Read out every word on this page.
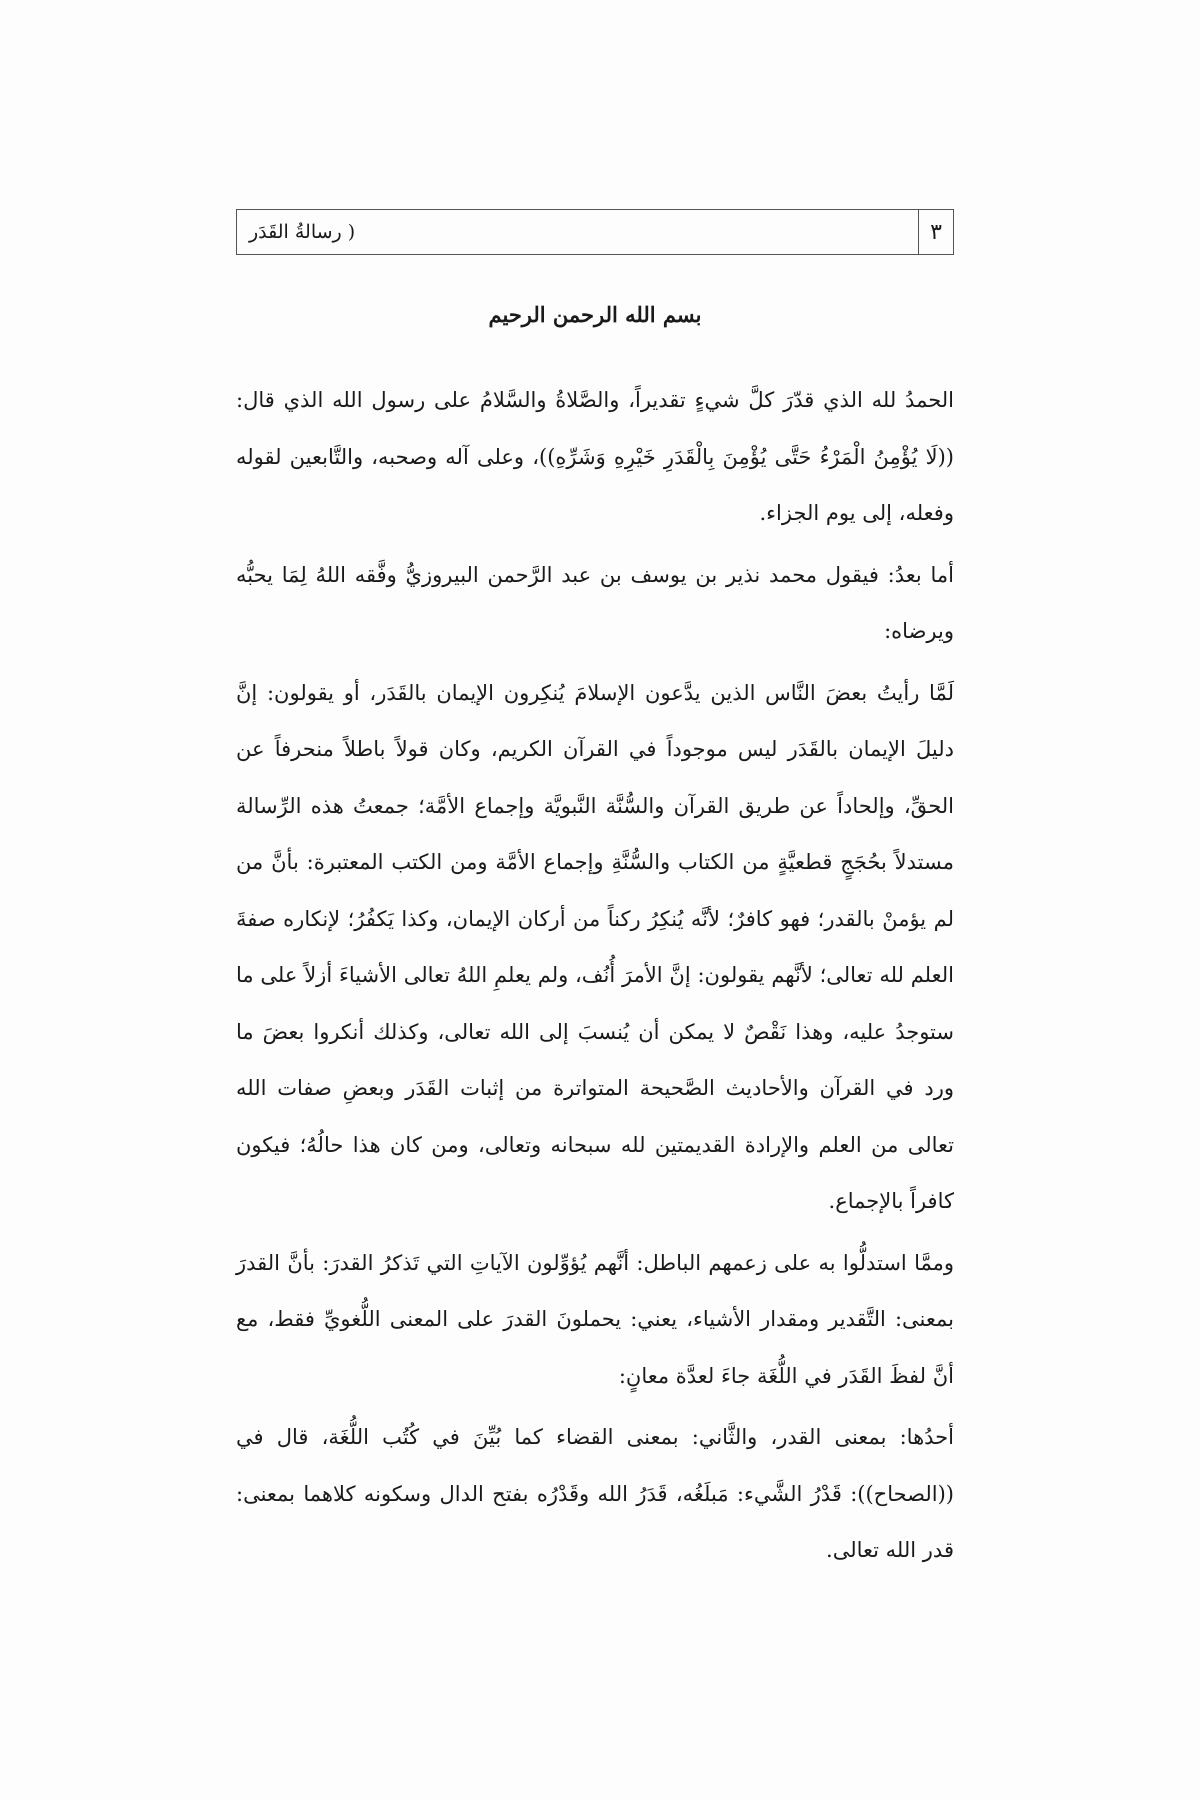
٣
( رسالةُ القَدَر
بسم الله الرحمن الرحيم

الحمدُ لله الذي قدّرَ كلَّ شيءٍ تقديراً، والصَّلاةُ والسَّلامُ على رسول الله الذي قال: ((لَا يُؤْمِنُ الْمَرْءُ حَتَّى يُؤْمِنَ بِالْقَدَرِ خَيْرِهِ وَشَرِّهِ))، وعلى آله وصحبه، والتَّابعين لقوله وفعله، إلى يوم الجزاء.

أما بعدُ: فيقول محمد نذير بن يوسف بن عبد الرَّحمن البيروزيُّ وفَّقه اللهُ لِمَا يحبُّه ويرضاه:

لَمَّا رأيتُ بعضَ النَّاس الذين يدَّعون الإسلامَ يُنكِرون الإيمان بالقَدَر، أو يقولون: إنَّ دليلَ الإيمان بالقَدَر ليس موجوداً في القرآن الكريم، وكان قولاً باطلاً منحرفاً عن الحقِّ، وإلحاداً عن طريق القرآن والسُّنَّة النَّبويَّة وإجماع الأمَّة؛ جمعتُ هذه الرِّسالة مستدلاً بحُجَجٍ قطعيَّةٍ من الكتاب والسُّنَّةِ وإجماع الأمَّة ومن الكتب المعتبرة: بأنَّ من لم يؤمنْ بالقدر؛ فهو كافرٌ؛ لأنَّه يُنكِرُ ركناً من أركان الإيمان، وكذا يَكفُرُ؛ لإنكاره صفةَ العلم لله تعالى؛ لأنَّهم يقولون: إنَّ الأمرَ أُنُف، ولم يعلمِ اللهُ تعالى الأشياءَ أزلاً على ما ستوجدُ عليه، وهذا نَقْصٌ لا يمكن أن يُنسبَ إلى الله تعالى، وكذلك أنكروا بعضَ ما ورد في القرآن والأحاديث الصَّحيحة المتواترة من إثبات القَدَر وبعضِ صفات الله تعالى من العلم والإرادة القديمتين لله سبحانه وتعالى، ومن كان هذا حالُهُ؛ فيكون كافراً بالإجماع.

وممَّا استدلُّوا به على زعمهم الباطل: أنَّهم يُؤوِّلون الآياتِ التي تَذكرُ القدرَ: بأنَّ القدرَ بمعنى: التَّقدير ومقدار الأشياء، يعني: يحملونَ القدرَ على المعنى اللُّغويِّ فقط، مع أنَّ لفظَ القَدَر في اللُّغَة جاءَ لعدَّة معانٍ:

أحدُها: بمعنى القدر، والثَّاني: بمعنى القضاء كما بُيِّنَ في كُتُب اللُّغَة، قال في ((الصحاح)): قَدْرُ الشَّيء: مَبلَغُه، قَدَرُ الله وقَدْرُه بفتح الدال وسكونه كلاهما بمعنى: قدر الله تعالى.
